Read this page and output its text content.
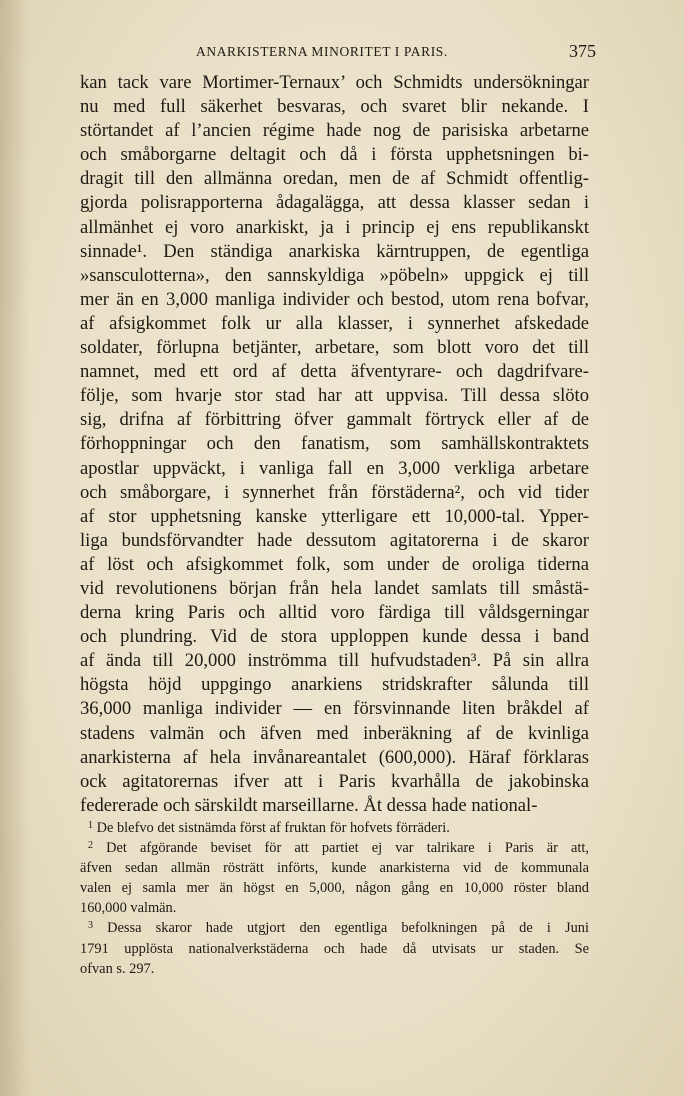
ANARKISTERNA MINORITET I PARIS.	375
kan tack vare Mortimer-Ternaux’ och Schmidts undersökningar
nu med full säkerhet besvaras, och svaret blir nekande. I
störtandet af l’ancien régime hade nog de parisiska arbetarne
och småborgarne deltagit och då i första upphetsningen bi-
dragit till den allmänna oredan, men de af Schmidt offentlig-
gjorda polisrapporterna ådagalägga, att dessa klasser sedan i
allmänhet ej voro anarkiskt, ja i princip ej ens republikanskt
sinnade¹. Den ständiga anarkiska kärntruppen, de egentliga
»sansculotterna», den sannskyldiga »pöbeln» uppgick ej till
mer än en 3,000 manliga individer och bestod, utom rena bofvar,
af afsigkommet folk ur alla klasser, i synnerhet afskedade
soldater, förlupna betjänter, arbetare, som blott voro det till
namnet, med ett ord af detta äfventyrare- och dagdrifvare-
följe, som hvarje stor stad har att uppvisa. Till dessa slöto
sig, drifna af förbittring öfver gammalt förtryck eller af de
förhoppningar och den fanatism, som samhällskontraktets
apostlar uppväckt, i vanliga fall en 3,000 verkliga arbetare
och småborgare, i synnerhet från förstäderna², och vid tider
af stor upphetsning kanske ytterligare ett 10,000-tal. Ypper-
liga bundsförvandter hade dessutom agitatorerna i de skaror
af löst och afsigkommet folk, som under de oroliga tiderna
vid revolutionens början från hela landet samlats till småstä-
derna kring Paris och alltid voro färdiga till våldsgerningar
och plundring. Vid de stora upploppen kunde dessa i band
af ända till 20,000 inströmma till hufvudstaden³. På sin allra
högsta höjd uppgingo anarkiens stridskrafter sålunda till
36,000 manliga individer — en försvinnande liten bråkdel af
stadens valmän och äfven med inberäkning af de kvinliga
anarkisterna af hela invånareantalet (600,000). Häraf förklaras
ock agitatorernas ifver att i Paris kvarhålla de jakobinska
federerade och särskildt marseillarne. Åt dessa hade national-
$^1$ De blefvo det sistnämda först af fruktan för hofvets förräderi.
$^2$ Det afgörande beviset för att partiet ej var talrikare i Paris är att,
äfven sedan allmän rösträtt införts, kunde anarkisterna vid de kommunala
valen ej samla mer än högst en 5,000, någon gång en 10,000 röster bland
160,000 valmän.
$^3$ Dessa skaror hade utgjort den egentliga befolkningen på de i Juni
1791 upplösta nationalverkstäderna och hade då utvisats ur staden. Se
ofvan s. 297.
